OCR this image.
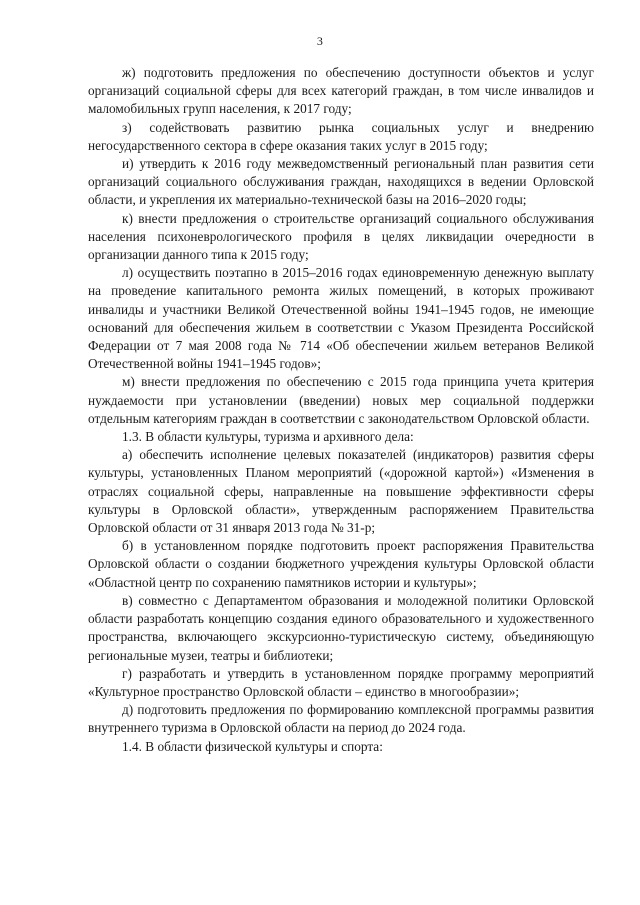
3

ж) подготовить предложения по обеспечению доступности объектов и услуг организаций социальной сферы для всех категорий граждан, в том числе инвалидов и маломобильных групп населения, к 2017 году;

з) содействовать развитию рынка социальных услуг и внедрению негосударственного сектора в сфере оказания таких услуг в 2015 году;

и) утвердить к 2016 году межведомственный региональный план развития сети организаций социального обслуживания граждан, находящихся в ведении Орловской области, и укрепления их материально-технической базы на 2016–2020 годы;

к) внести предложения о строительстве организаций социального обслуживания населения психоневрологического профиля в целях ликвидации очередности в организации данного типа к 2015 году;

л) осуществить поэтапно в 2015–2016 годах единовременную денежную выплату на проведение капитального ремонта жилых помещений, в которых проживают инвалиды и участники Великой Отечественной войны 1941–1945 годов, не имеющие оснований для обеспечения жильем в соответствии с Указом Президента Российской Федерации от 7 мая 2008 года № 714 «Об обеспечении жильем ветеранов Великой Отечественной войны 1941–1945 годов»;

м) внести предложения по обеспечению с 2015 года принципа учета критерия нуждаемости при установлении (введении) новых мер социальной поддержки отдельным категориям граждан в соответствии с законодательством Орловской области.

1.3. В области культуры, туризма и архивного дела:

а) обеспечить исполнение целевых показателей (индикаторов) развития сферы культуры, установленных Планом мероприятий («дорожной картой») «Изменения в отраслях социальной сферы, направленные на повышение эффективности сферы культуры в Орловской области», утвержденным распоряжением Правительства Орловской области от 31 января 2013 года № 31-р;

б) в установленном порядке подготовить проект распоряжения Правительства Орловской области о создании бюджетного учреждения культуры Орловской области «Областной центр по сохранению памятников истории и культуры»;

в) совместно с Департаментом образования и молодежной политики Орловской области разработать концепцию создания единого образовательного и художественного пространства, включающего экскурсионно-туристическую систему, объединяющую региональные музеи, театры и библиотеки;

г) разработать и утвердить в установленном порядке программу мероприятий «Культурное пространство Орловской области – единство в многообразии»;

д) подготовить предложения по формированию комплексной программы развития внутреннего туризма в Орловской области на период до 2024 года.

1.4. В области физической культуры и спорта:
